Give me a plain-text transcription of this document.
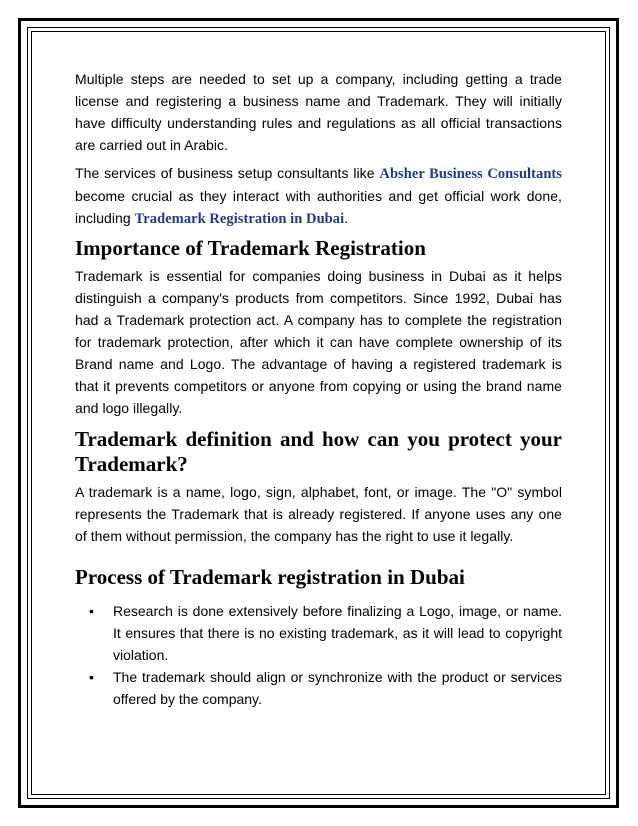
Multiple steps are needed to set up a company, including getting a trade license and registering a business name and Trademark. They will initially have difficulty understanding rules and regulations as all official transactions are carried out in Arabic.

The services of business setup consultants like Absher Business Consultants become crucial as they interact with authorities and get official work done, including Trademark Registration in Dubai.

Importance of Trademark Registration

Trademark is essential for companies doing business in Dubai as it helps distinguish a company's products from competitors. Since 1992, Dubai has had a Trademark protection act. A company has to complete the registration for trademark protection, after which it can have complete ownership of its Brand name and Logo. The advantage of having a registered trademark is that it prevents competitors or anyone from copying or using the brand name and logo illegally.

Trademark definition and how can you protect your Trademark?

A trademark is a name, logo, sign, alphabet, font, or image. The "O" symbol represents the Trademark that is already registered. If anyone uses any one of them without permission, the company has the right to use it legally.

Process of Trademark registration in Dubai
• Research is done extensively before finalizing a Logo, image, or name. It ensures that there is no existing trademark, as it will lead to copyright violation.
• The trademark should align or synchronize with the product or services offered by the company.
